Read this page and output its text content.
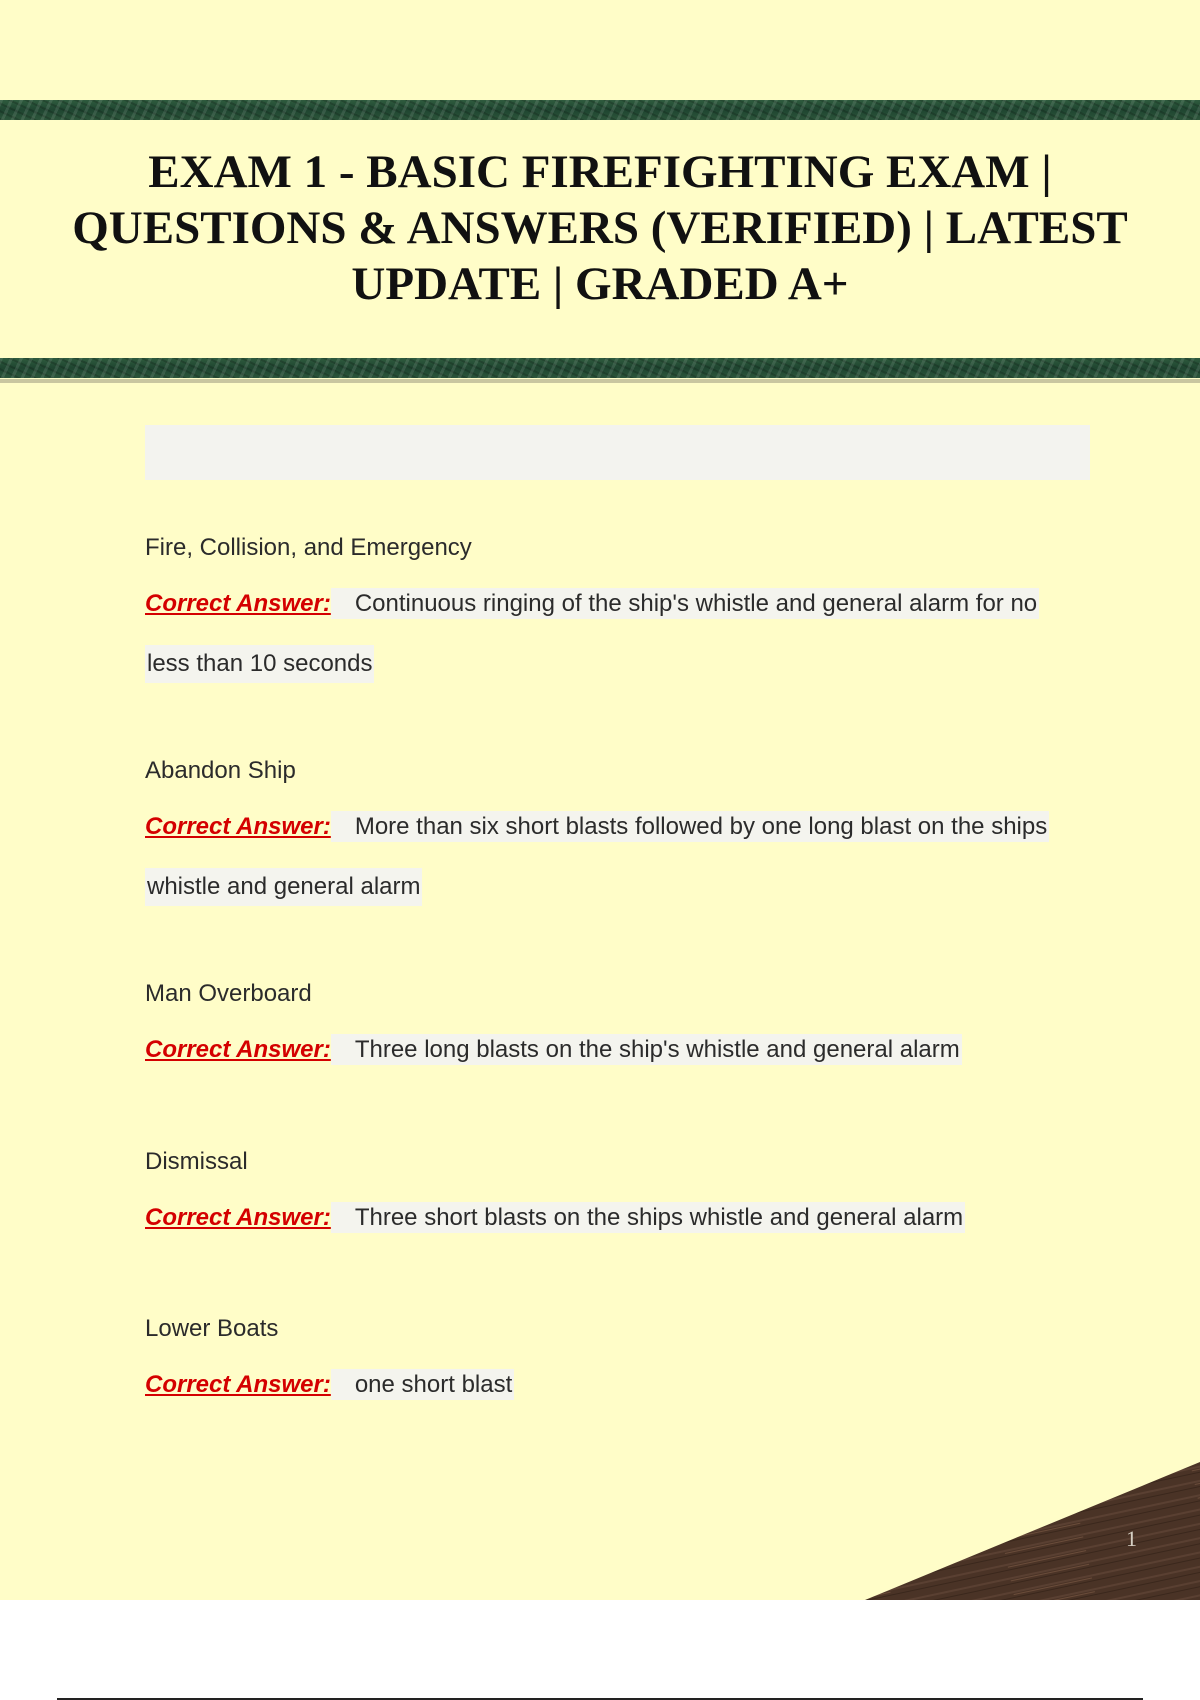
EXAM 1 - BASIC FIREFIGHTING EXAM | QUESTIONS & ANSWERS (VERIFIED) | LATEST UPDATE | GRADED A+
Fire, Collision, and Emergency
Correct Answer: Continuous ringing of the ship's whistle and general alarm for no
less than 10 seconds
Abandon Ship
Correct Answer: More than six short blasts followed by one long blast on the ships
whistle and general alarm
Man Overboard
Correct Answer: Three long blasts on the ship's whistle and general alarm
Dismissal
Correct Answer: Three short blasts on the ships whistle and general alarm
Lower Boats
Correct Answer: one short blast
1
